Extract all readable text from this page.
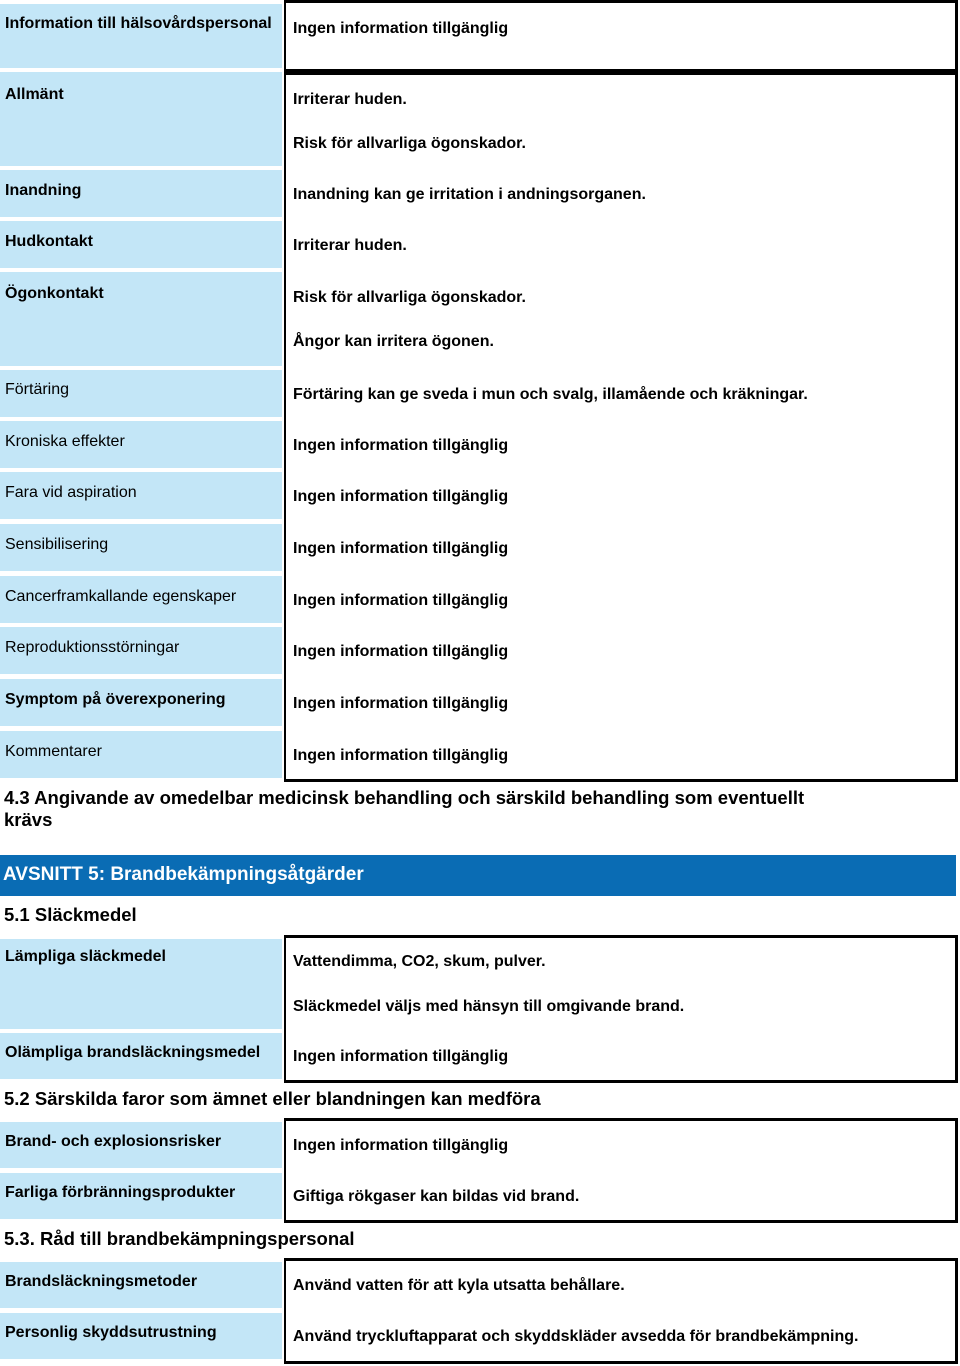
Information till hälsovårdspersonal	Ingen information tillgänglig
Allmänt	Irriterar huden.
Risk för allvarliga ögonskador.
Inandning	Inandning kan ge irritation i andningsorganen.
Hudkontakt	Irriterar huden.
Ögonkontakt	Risk för allvarliga ögonskador.
Ångor kan irritera ögonen.
Förtäring	Förtäring kan ge sveda i mun och svalg, illamående och kräkningar.
Kroniska effekter	Ingen information tillgänglig
Fara vid aspiration	Ingen information tillgänglig
Sensibilisering	Ingen information tillgänglig
Cancerframkallande egenskaper	Ingen information tillgänglig
Reproduktionsstörningar	Ingen information tillgänglig
Symptom på överexponering	Ingen information tillgänglig
Kommentarer	Ingen information tillgänglig
4.3 Angivande av omedelbar medicinsk behandling och särskild behandling som eventuellt krävs
AVSNITT 5: Brandbekämpningsåtgärder
5.1 Släckmedel
Lämpliga släckmedel	Vattendimma, CO2, skum, pulver.
Släckmedel väljs med hänsyn till omgivande brand.
Olämpliga brandsläckningsmedel	Ingen information tillgänglig
5.2 Särskilda faror som ämnet eller blandningen kan medföra
Brand- och explosionsrisker	Ingen information tillgänglig
Farliga förbränningsprodukter	Giftiga rökgaser kan bildas vid brand.
5.3. Råd till brandbekämpningspersonal
Brandsläckningsmetoder	Använd vatten för att kyla utsatta behållare.
Personlig skyddsutrustning	Använd tryckluftapparat och skyddskläder avsedda för brandbekämpning.
